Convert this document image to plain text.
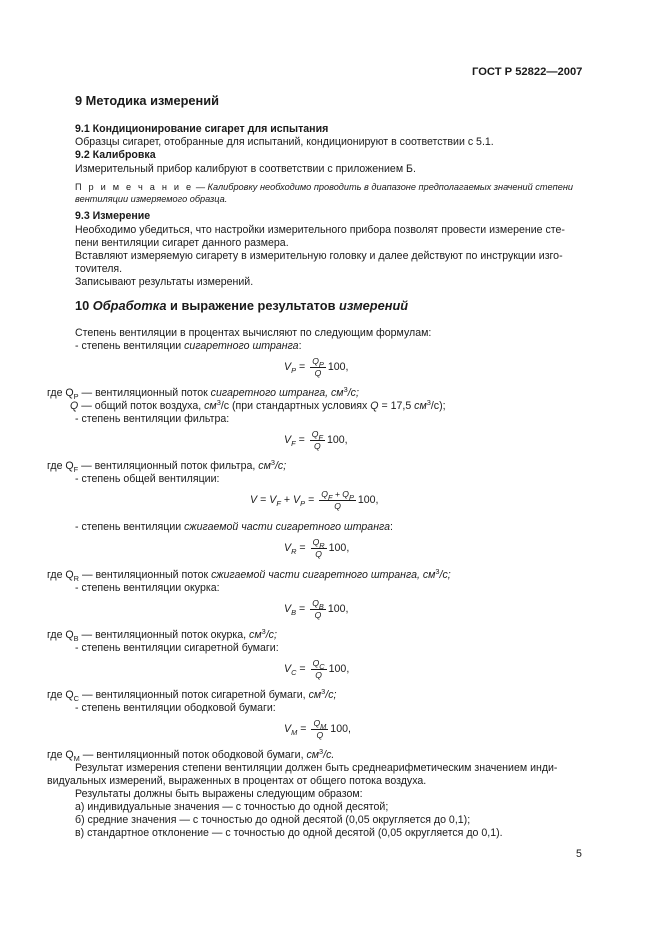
ГОСТ Р 52822—2007
9 Методика измерений
9.1 Кондиционирование сигарет для испытания
Образцы сигарет, отобранные для испытаний, кондиционируют в соответствии с 5.1.
9.2 Калибровка
Измерительный прибор калибруют в соответствии с приложением Б.
П р и м е ч а н и е — Калибровку необходимо проводить в диапазоне предполагаемых значений степени
вентиляции измеряемого образца.
9.3 Измерение
Необходимо убедиться, что настройки измерительного прибора позволят провести измерение сте-
пени вентиляции сигарет данного размера.
Вставляют измеряемую сигарету в измерительную головку и далее действуют по инструкции изго-
тovителя.
Записывают результаты измерений.
10 Обработка и выражение результатов измерений
Степень вентиляции в процентах вычисляют по следующим формулам:
- степень вентиляции сигаретного штранга:
$V_P = \frac{QP}{Q} 100$,
где $Q_P$ — вентиляционный поток сигаретного штранга, $см^3/с$;
Q — общий поток воздуха, $см^3/с$ (при стандартных условиях Q = 17,5 $см^3/с$);
- степень вентиляции фильтра:
$V_F = \frac{QF}{Q} 100$,
где $Q_F$ — вентиляционный поток фильтра, $см^3/с$;
- степень общей вентиляции:
$V = V_F + V_P = \frac{QF + QP}{Q} 100$,
- степень вентиляции сжигаемой части сигаретного штранга:
$V_R = \frac{QR}{Q} 100$,
где $Q_R$ — вентиляционный поток сжигаемой части сигаретного штранга, $см^3/с$;
- степень вентиляции окурка:
$V_B = \frac{QB}{Q} 100$,
где $Q_B$ — вентиляционный поток окурка, $см^3/с$;
- степень вентиляции сигаретной бумаги:
$V_C = \frac{QC}{Q} 100$,
где $Q_C$ — вентиляционный поток сигаретной бумаги, $см^3/с$;
- степень вентиляции ободковой бумаги:
$V_M = \frac{QM}{Q} 100$,
где $Q_M$ — вентиляционный поток ободковой бумаги, $см^3/с$.
Результат измерения степени вентиляции должен быть среднеарифметическим значением инди-
видуальных измерений, выраженных в процентах от общего потока воздуха.
Результаты должны быть выражены следующим образом:
а) индивидуальные значения — с точностью до одной десятой;
б) средние значения — с точностью до одной десятой (0,05 округляется до 0,1);
в) стандартное отклонение — с точностью до одной десятой (0,05 округляется до 0,1).
5
